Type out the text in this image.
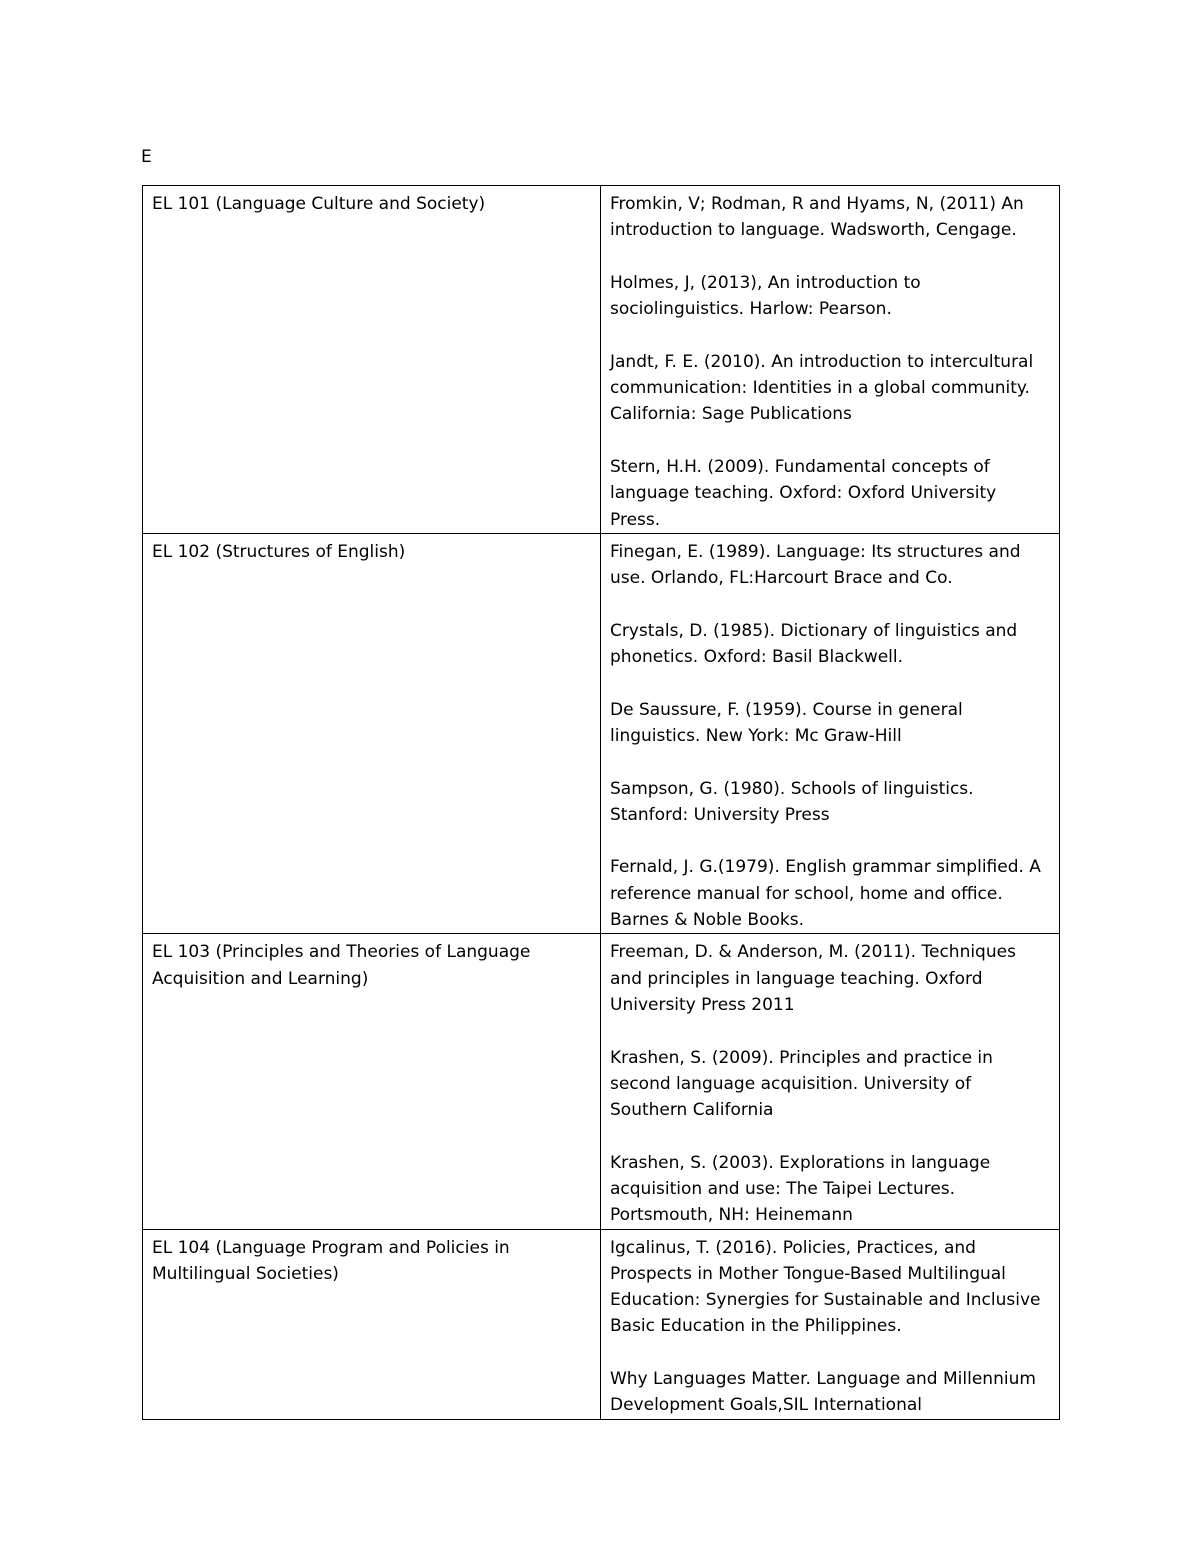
E
EL 101 (Language Culture and Society)	Fromkin, V; Rodman, R and Hyams, N, (2011) An introduction to language. Wadsworth, Cengage.
Holmes, J, (2013), An introduction to sociolinguistics. Harlow: Pearson.
Jandt, F. E. (2010). An introduction to intercultural communication: Identities in a global community. California: Sage Publications
Stern, H.H. (2009). Fundamental concepts of language teaching. Oxford: Oxford University Press.

EL 102 (Structures of English)	Finegan, E. (1989). Language: Its structures and use. Orlando, FL:Harcourt Brace and Co.
Crystals, D. (1985). Dictionary of linguistics and phonetics. Oxford: Basil Blackwell.
De Saussure, F. (1959). Course in general linguistics. New York: Mc Graw-Hill
Sampson, G. (1980). Schools of linguistics. Stanford: University Press
Fernald, J. G.(1979). English grammar simplified. A reference manual for school, home and office. Barnes & Noble Books.

EL 103 (Principles and Theories of Language Acquisition and Learning)	Freeman, D. & Anderson, M. (2011). Techniques and principles in language teaching. Oxford University Press 2011
Krashen, S. (2009). Principles and practice in second language acquisition. University of Southern California
Krashen, S. (2003). Explorations in language acquisition and use: The Taipei Lectures. Portsmouth, NH: Heinemann

EL 104 (Language Program and Policies in Multilingual Societies)	Igcalinus, T. (2016). Policies, Practices, and Prospects in Mother Tongue-Based Multilingual Education: Synergies for Sustainable and Inclusive Basic Education in the Philippines.
Why Languages Matter. Language and Millennium Development Goals,SIL International
